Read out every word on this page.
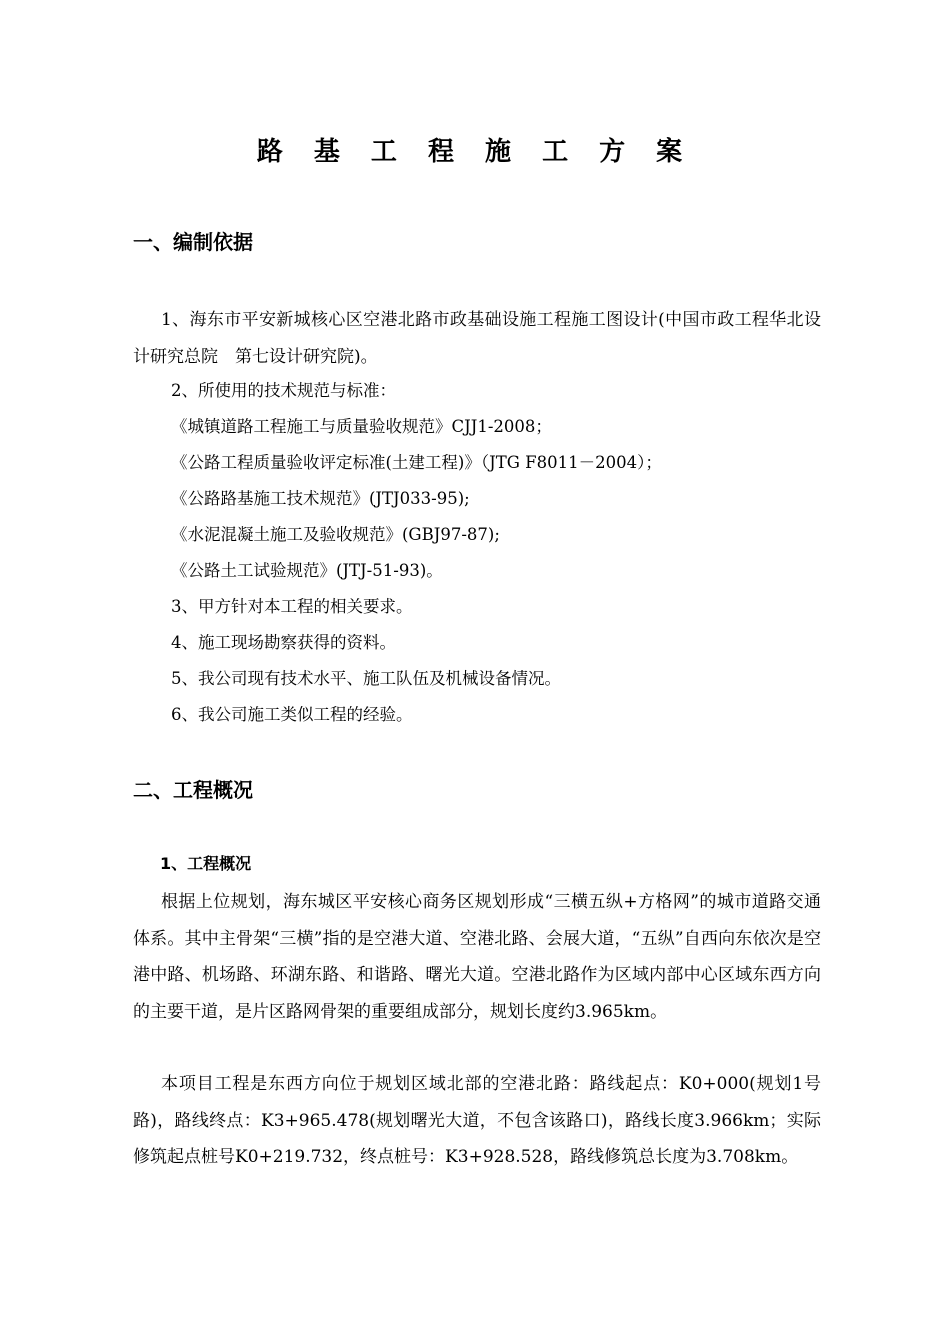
路 基 工 程 施 工 方 案
一、编制依据
1、海东市平安新城核心区空港北路市政基础设施工程施工图设计(中国市政工程华北设计研究总院　第七设计研究院)。
2、所使用的技术规范与标准：
《城镇道路工程施工与质量验收规范》CJJ1-2008；
《公路工程质量验收评定标准(土建工程)》（JTG F8011－2004）；
《公路路基施工技术规范》(JTJ033-95);
《水泥混凝土施工及验收规范》(GBJ97-87);
《公路土工试验规范》(JTJ-51-93)。
3、甲方针对本工程的相关要求。
4、施工现场勘察获得的资料。
5、我公司现有技术水平、施工队伍及机械设备情况。
6、我公司施工类似工程的经验。
二、工程概况
1、工程概况
根据上位规划，海东城区平安核心商务区规划形成“三横五纵+方格网”的城市道路交通体系。其中主骨架“三横”指的是空港大道、空港北路、会展大道，“五纵”自西向东依次是空港中路、机场路、环湖东路、和谐路、曙光大道。空港北路作为区域内部中心区域东西方向的主要干道，是片区路网骨架的重要组成部分，规划长度约3.965km。
本项目工程是东西方向位于规划区域北部的空港北路：路线起点：K0+000(规划1号路)，路线终点：K3+965.478(规划曙光大道，不包含该路口)，路线长度3.966km；实际修筑起点桩号K0+219.732，终点桩号：K3+928.528，路线修筑总长度为3.708km。
